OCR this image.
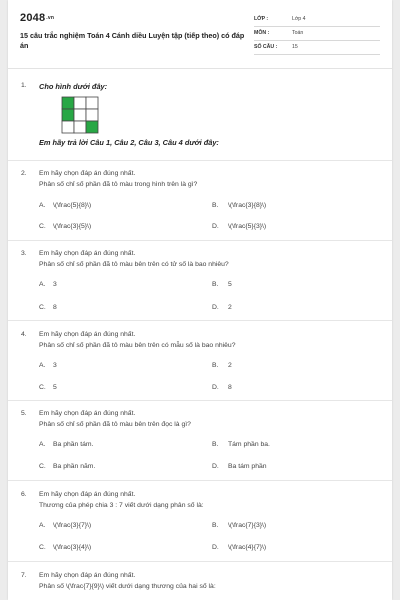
2048.vn
15 câu trắc nghiệm Toán 4 Cánh diều Luyện tập (tiếp theo) có đáp án
LỚP :	Lớp 4
MÔN :	Toán
SỐ CÂU :	15
1. Cho hình dưới đây:
Em hãy trả lời Câu 1, Câu 2, Câu 3, Câu 4 dưới đây:
2. Em hãy chọn đáp án đúng nhất.
Phân số chỉ số phần đã tô màu trong hình trên là gì?
A. \(\frac{5}{8}\)	B. \(\frac{3}{8}\)
C. \(\frac{3}{5}\)	D. \(\frac{5}{3}\)
3. Em hãy chọn đáp án đúng nhất.
Phân số chỉ số phần đã tô màu bên trên có tử số là bao nhiêu?
A. 3	B. 5
C. 8	D. 2
4. Em hãy chọn đáp án đúng nhất.
Phân số chỉ số phần đã tô màu bên trên có mẫu số là bao nhiêu?
A. 3	B. 2
C. 5	D. 8
5. Em hãy chọn đáp án đúng nhất.
Phân số chỉ số phần đã tô màu bên trên đọc là gì?
A. Ba phần tám.	B. Tám phần ba.
C. Ba phần năm.	D. Ba tám phần
6. Em hãy chọn đáp án đúng nhất.
Thương của phép chia 3 : 7 viết dưới dạng phân số là:
A. \(\frac{3}{7}\)	B. \(\frac{7}{3}\)
C. \(\frac{3}{4}\)	D. \(\frac{4}{7}\)
7. Em hãy chọn đáp án đúng nhất.
Phân số \(\frac{7}{9}\) viết dưới dạng thương của hai số là:
